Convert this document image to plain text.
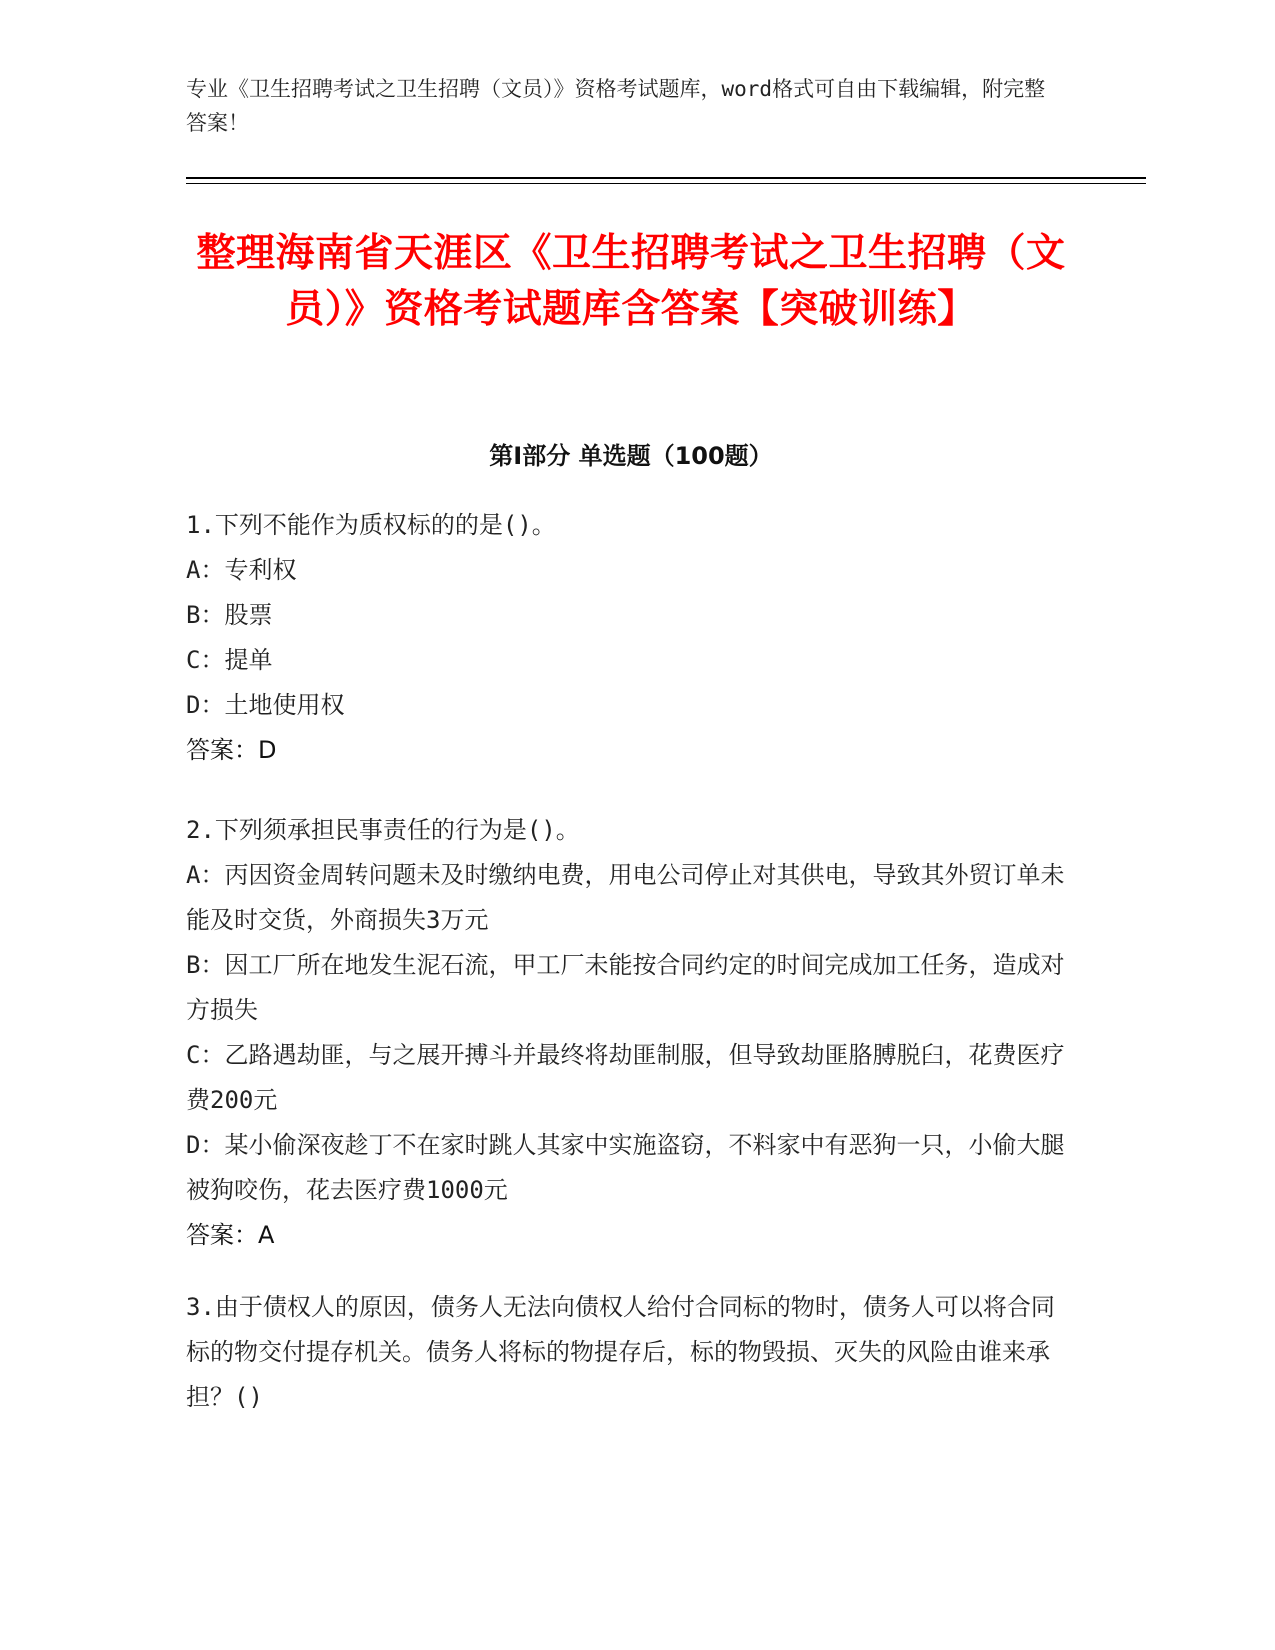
专业《卫生招聘考试之卫生招聘（文员）》资格考试题库，word格式可自由下载编辑，附完整答案！
整理海南省天涯区《卫生招聘考试之卫生招聘（文员）》资格考试题库含答案【突破训练】
第I部分 单选题（100题）
1.下列不能作为质权标的的是()。
A：专利权
B：股票
C：提单
D：土地使用权
答案：D
2.下列须承担民事责任的行为是()。
A：丙因资金周转问题未及时缴纳电费，用电公司停止对其供电，导致其外贸订单未能及时交货，外商损失3万元
B：因工厂所在地发生泥石流，甲工厂未能按合同约定的时间完成加工任务，造成对方损失
C：乙路遇劫匪，与之展开搏斗并最终将劫匪制服，但导致劫匪胳膊脱臼，花费医疗费200元
D：某小偷深夜趁丁不在家时跳人其家中实施盗窃，不料家中有恶狗一只，小偷大腿被狗咬伤，花去医疗费1000元
答案：A
3.由于债权人的原因，债务人无法向债权人给付合同标的物时，债务人可以将合同标的物交付提存机关。债务人将标的物提存后，标的物毁损、灭失的风险由谁来承担？()
